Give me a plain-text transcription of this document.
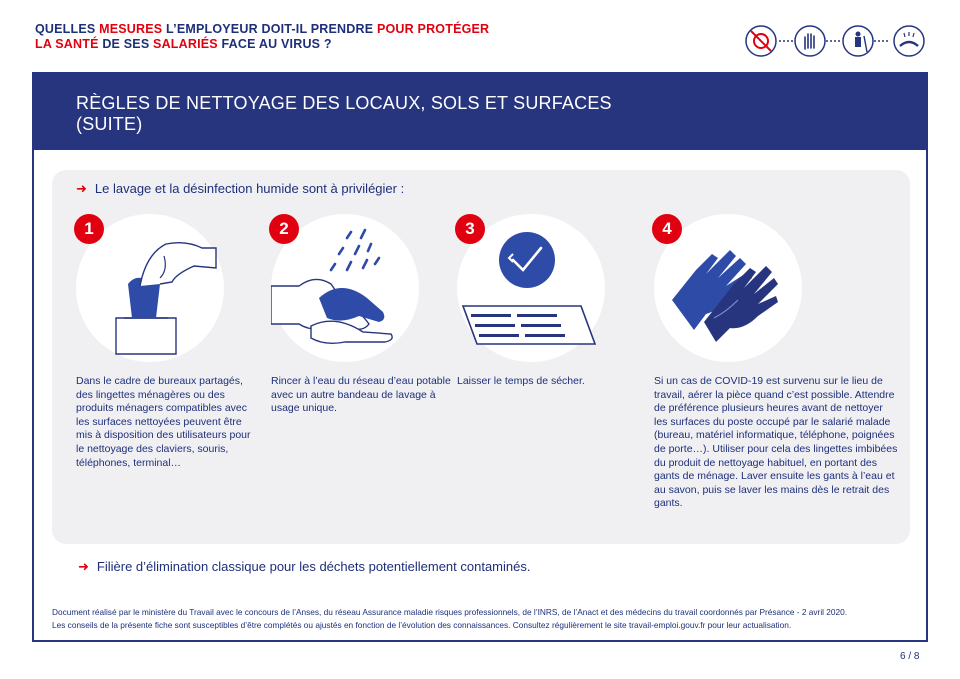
QUELLES MESURES L’EMPLOYEUR DOIT-IL PRENDRE POUR PROTÉGER
LA SANTÉ DE SES SALARIÉS FACE AU VIRUS ?
RÈGLES DE NETTOYAGE DES LOCAUX, SOLS ET SURFACES
(SUITE)
➜ Le lavage et la désinfection humide sont à privilégier :
1
Dans le cadre de bureaux partagés, des lingettes ménagères ou des produits ménagers compatibles avec les surfaces nettoyées peuvent être mis à disposition des utilisateurs pour le nettoyage des claviers, souris, téléphones, terminal…
2
Rincer à l’eau du réseau d’eau potable avec un autre bandeau de lavage à usage unique.
3
Laisser le temps de sécher.
4
Si un cas de COVID-19 est survenu sur le lieu de travail, aérer la pièce quand c’est possible. Attendre de préférence plusieurs heures avant de nettoyer les surfaces du poste occupé par le salarié malade (bureau, matériel informatique, téléphone, poignées de porte…). Utiliser pour cela des lingettes imbibées du produit de nettoyage habituel, en portant des gants de ménage. Laver ensuite les gants à l’eau et au savon, puis se laver les mains dès le retrait des gants.
➜ Filière d’élimination classique pour les déchets potentiellement contaminés.
Document réalisé par le ministère du Travail avec le concours de l’Anses, du réseau Assurance maladie risques professionnels, de l’INRS, de l’Anact et des médecins du travail coordonnés par Présance - 2 avril 2020.
Les conseils de la présente fiche sont susceptibles d’être complétés ou ajustés en fonction de l’évolution des connaissances. Consultez régulièrement le site travail-emploi.gouv.fr pour leur actualisation.
6 / 8
